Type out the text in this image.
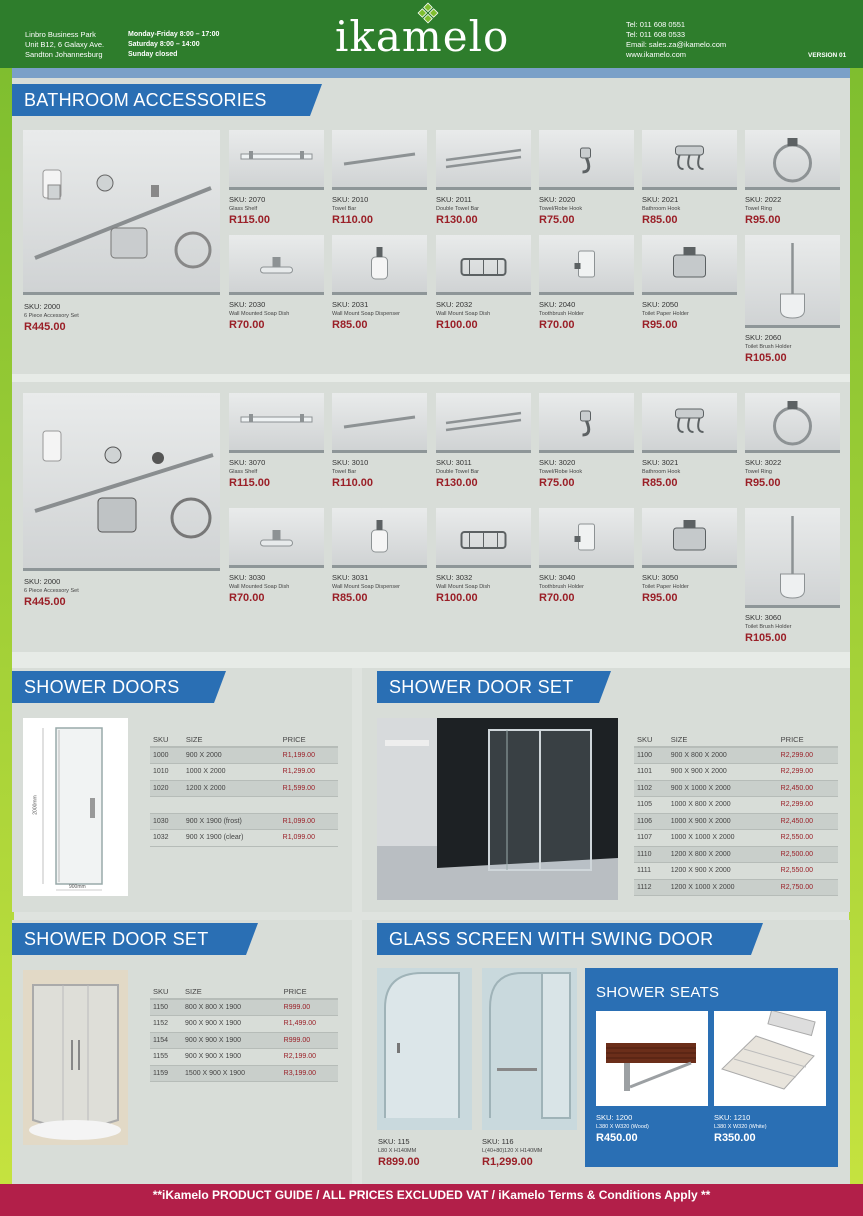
Linbro Business Park
Unit B12, 6 Galaxy Ave.
Sandton Johannesburg
Monday-Friday 8:00 – 17:00
Saturday 8:00 – 14:00
Sunday closed	ikamelo	Tel: 011 608 0551
Tel: 011 608 0533
Email: sales.za@ikamelo.com
www.ikamelo.com	VERSION 01
BATHROOM ACCESSORIES
SKU: 2000
6 Piece Accessory Set
R445.00
SKU: 2070
Glass Shelf
R115.00
SKU: 2010
Towel Bar
R110.00
SKU: 2011
Double Towel Bar
R130.00
SKU: 2020
Towel/Robe Hook
R75.00
SKU: 2021
Bathroom Hook
R85.00
SKU: 2022
Towel Ring
R95.00
SKU: 2030
Wall Mounted Soap Dish
R70.00
SKU: 2031
Wall Mount Soap Dispenser
R85.00
SKU: 2032
Wall Mount Soap Dish
R100.00
SKU: 2040
Toothbrush Holder
R70.00
SKU: 2050
Toilet Paper Holder
R95.00
SKU: 2060
Toilet Brush Holder
R105.00
SKU: 2000
6 Piece Accessory Set
R445.00
SKU: 3070
Glass Shelf
R115.00
SKU: 3010
Towel Bar
R110.00
SKU: 3011
Double Towel Bar
R130.00
SKU: 3020
Towel/Robe Hook
R75.00
SKU: 3021
Bathroom Hook
R85.00
SKU: 3022
Towel Ring
R95.00
SKU: 3030
Wall Mounted Soap Dish
R70.00
SKU: 3031
Wall Mount Soap Dispenser
R85.00
SKU: 3032
Wall Mount Soap Dish
R100.00
SKU: 3040
Toothbrush Holder
R70.00
SKU: 3050
Toilet Paper Holder
R95.00
SKU: 3060
Toilet Brush Holder
R105.00
SHOWER DOORS	SHOWER DOOR SET
SHOWER DOOR SET	GLASS SCREEN WITH SWING DOOR
2000mm
900mm
SKU	SIZE	PRICE
1000	900 X 2000	R1,199.00
1010	1000 X 2000	R1,299.00
1020	1200 X 2000	R1,599.00

1030	900 X 1900 (frost)	R1,099.00
1032	900 X 1900 (clear)	R1,099.00
SKU	SIZE	PRICE
1100	900 X 800 X 2000	R2,299.00
1101	900 X 900 X 2000	R2,299.00
1102	900 X 1000 X 2000	R2,450.00
1105	1000 X 800 X 2000	R2,299.00
1106	1000 X 900 X 2000	R2,450.00
1107	1000 X 1000 X 2000	R2,550.00
1110	1200 X 800 X 2000	R2,500.00
1111	1200 X 900 X 2000	R2,550.00
1112	1200 X 1000 X 2000	R2,750.00
SKU	SIZE	PRICE
1150	800 X 800 X 1900	R999.00
1152	900 X 900 X 1900	R1,499.00
1154	900 X 900 X 1900	R999.00
1155	900 X 900 X 1900	R2,199.00
1159	1500 X 900 X 1900	R3,199.00
SKU: 115
L80 X H140MM
R899.00
SKU: 116
L(40+80)120 X H140MM
R1,299.00
SHOWER SEATS
SKU: 1200
L380 X W320 (Wood)
R450.00
SKU: 1210
L380 X W320 (White)
R350.00
**iKamelo PRODUCT GUIDE / ALL PRICES EXCLUDED VAT / iKamelo Terms & Conditions Apply **
